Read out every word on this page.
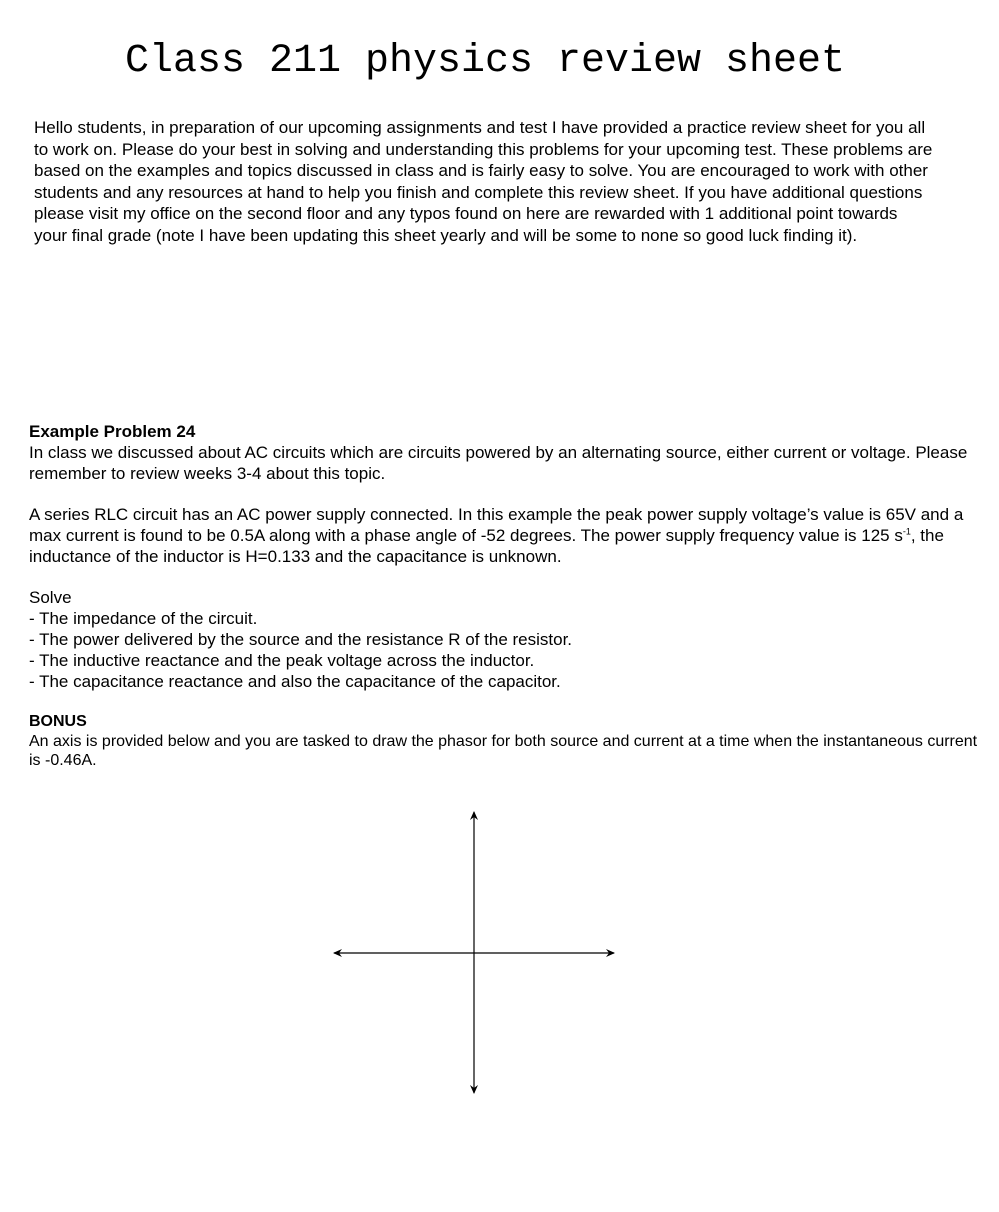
Class 211 physics review sheet

Hello students, in preparation of our upcoming assignments and test I have provided a practice review sheet for you all to work on. Please do your best in solving and understanding this problems for your upcoming test. These problems are based on the examples and topics discussed in class and is fairly easy to solve. You are encouraged to work with other students and any resources at hand to help you finish and complete this review sheet. If you have additional questions please visit my office on the second floor and any typos found on here are rewarded with 1 additional point towards your final grade (note I have been updating this sheet yearly and will be some to none so good luck finding it).

Example Problem 24

In class we discussed about AC circuits which are circuits powered by an alternating source, either current or voltage. Please remember to review weeks 3-4 about this topic.

A series RLC circuit has an AC power supply connected. In this example the peak power supply voltage’s value is 65V and a max current is found to be 0.5A along with a phase angle of -52 degrees. The power supply frequency value is 125 $s^{-1}$, the inductance of the inductor is H=0.133 and the capacitance is unknown.

Solve

- The impedance of the circuit.
- The power delivered by the source and the resistance R of the resistor.
- The inductive reactance and the peak voltage across the inductor.
- The capacitance reactance and also the capacitance of the capacitor.
BONUS

An axis is provided below and you are tasked to draw the phasor for both source and current at a time when the instantaneous current is -0.46A.
